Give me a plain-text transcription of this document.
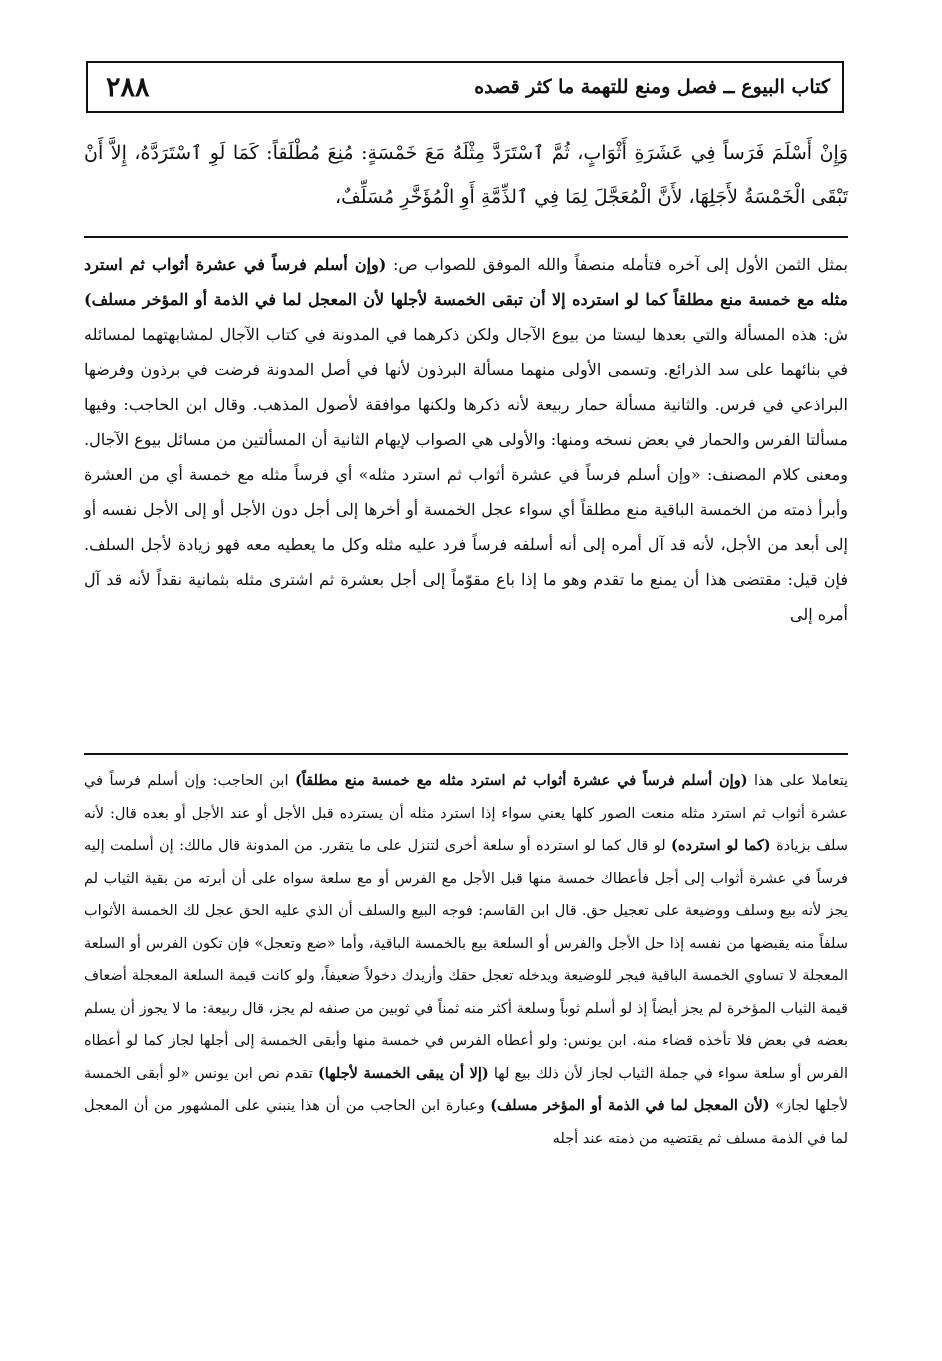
٢٨٨	كتاب البيوع ــ فصل ومنع للتهمة ما كثر قصده

وَإِنْ أَسْلَمَ فَرَساً فِي عَشَرَةِ أَثْوَابٍ، ثُمَّ ٱسْتَرَدَّ مِثْلَهُ مَعَ خَمْسَةٍ: مُنِعَ مُطْلَقاً: كَمَا لَوِ ٱسْتَرَدَّهُ، إِلاَّ أَنْ تَبْقَى الْخَمْسَةُ لأَجَلِهَا، لأَنَّ الْمُعَجَّلَ لِمَا فِي ٱلذِّمَّةِ أَوِ الْمُؤَخَّرِ مُسَلِّفٌ،

بمثل الثمن الأول إلى آخره فتأمله منصفاً والله الموفق للصواب ص: (وإن أسلم فرساً في عشرة أثواب ثم استرد مثله مع خمسة منع مطلقاً كما لو استرده إلا أن تبقى الخمسة لأجلها لأن المعجل لما في الذمة أو المؤخر مسلف) ش: هذه المسألة والتي بعدها ليستا من بيوع الآجال ولكن ذكرهما في المدونة في كتاب الآجال لمشابهتهما لمسائله في بنائهما على سد الذرائع. وتسمى الأولى منهما مسألة البرذون لأنها في أصل المدونة فرضت في برذون وفرضها البراذعي في فرس. والثانية مسألة حمار ربيعة لأنه ذكرها ولكنها موافقة لأصول المذهب. وقال ابن الحاجب: وفيها مسألتا الفرس والحمار في بعض نسخه ومنها: والأولى هي الصواب لإيهام الثانية أن المسألتين من مسائل بيوع الآجال. ومعنى كلام المصنف: «وإن أسلم فرساً في عشرة أثواب ثم استرد مثله» أي فرساً مثله مع خمسة أي من العشرة وأبرأ ذمته من الخمسة الباقية منع مطلقاً أي سواء عجل الخمسة أو أخرها إلى أجل دون الأجل أو إلى الأجل نفسه أو إلى أبعد من الأجل، لأنه قد آل أمره إلى أنه أسلفه فرساً فرد عليه مثله وكل ما يعطيه معه فهو زيادة لأجل السلف. فإن قيل: مقتضى هذا أن يمنع ما تقدم وهو ما إذا باع مقوّماً إلى أجل بعشرة ثم اشترى مثله بثمانية نقداً لأنه قد آل أمره إلى

يتعاملا على هذا (وإن أسلم فرساً في عشرة أثواب ثم استرد مثله مع خمسة منع مطلقاً) ابن الحاجب: وإن أسلم فرساً في عشرة أثواب ثم استرد مثله منعت الصور كلها يعني سواء إذا استرد مثله أن يسترده قبل الأجل أو عند الأجل أو بعده قال: لأنه سلف بزيادة (كما لو استرده) لو قال كما لو استرده أو سلعة أخرى لتنزل على ما يتقرر. من المدونة قال مالك: إن أسلمت إليه فرساً في عشرة أثواب إلى أجل فأعطاك خمسة منها قبل الأجل مع الفرس أو مع سلعة سواه على أن أبرته من بقية الثياب لم يجز لأنه بيع وسلف ووضيعة على تعجيل حق. قال ابن القاسم: فوجه البيع والسلف أن الذي عليه الحق عجل لك الخمسة الأثواب سلفاً منه يقبضها من نفسه إذا حل الأجل والفرس أو السلعة بيع بالخمسة الباقية، وأما «ضع وتعجل» فإن تكون الفرس أو السلعة المعجلة لا تساوي الخمسة الباقية فيجر للوضيعة ويدخله تعجل حقك وأزيدك دخولاً ضعيفاً، ولو كانت قيمة السلعة المعجلة أضعاف قيمة الثياب المؤخرة لم يجز أيضاً إذ لو أسلم ثوباً وسلعة أكثر منه ثمناً في ثوبين من صنفه لم يجز، قال ربيعة: ما لا يجوز أن يسلم بعضه في بعض فلا تأخذه قضاء منه. ابن يونس: ولو أعطاه الفرس في خمسة منها وأبقى الخمسة إلى أجلها لجاز كما لو أعطاه الفرس أو سلعة سواء في جملة الثياب لجاز لأن ذلك بيع لها (إلا أن يبقى الخمسة لأجلها) تقدم نص ابن يونس «لو أبقى الخمسة لأجلها لجاز» (لأن المعجل لما في الذمة أو المؤخر مسلف) وعبارة ابن الحاجب من أن هذا ينبني على المشهور من أن المعجل لما في الذمة مسلف ثم يقتضيه من ذمته عند أجله
